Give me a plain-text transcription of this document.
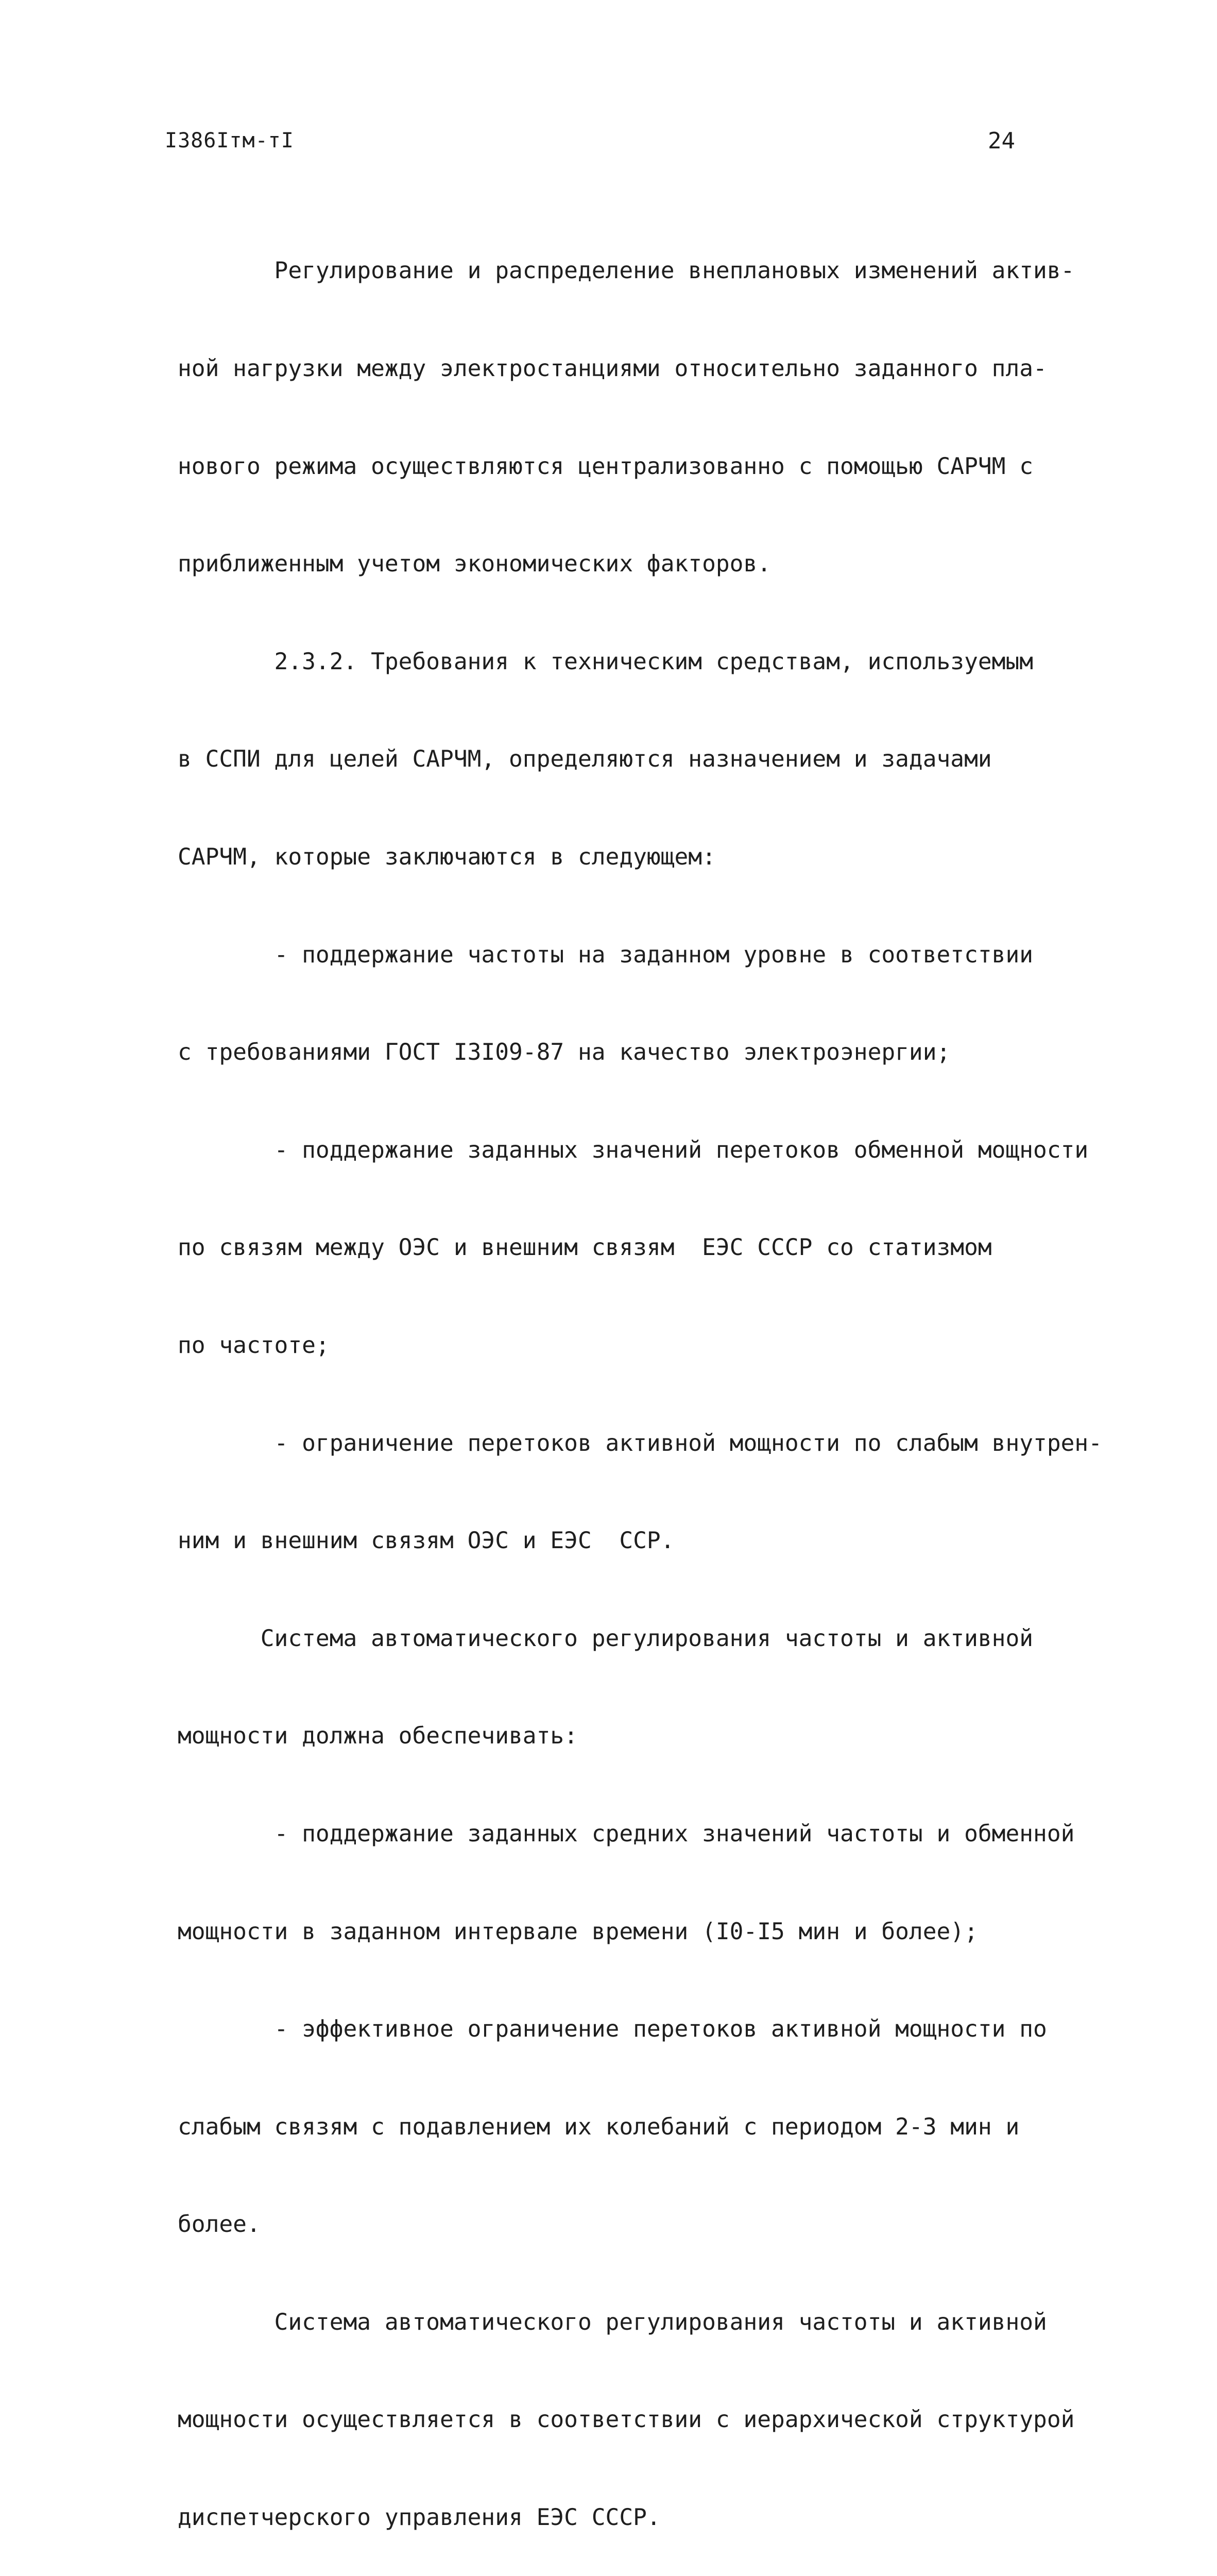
I386Iтм-тI	24

Регулирование и распределение внеплановых изменений актив-

ной нагрузки между электростанциями относительно заданного пла-

нового режима осуществляются централизованно с помощью САРЧМ с

приближенным учетом экономических факторов.

2.3.2. Требования к техническим средствам, используемым

в ССПИ для целей САРЧМ, определяются назначением и задачами

САРЧМ, которые заключаются в следующем:

- поддержание частоты на заданном уровне в соответствии

с требованиями ГОСТ I3I09-87 на качество электроэнергии;

- поддержание заданных значений перетоков обменной мощности

по связям между ОЭС и внешним связям  ЕЭС СССР со статизмом

по частоте;

- ограничение перетоков активной мощности по слабым внутрен-

ним и внешним связям ОЭС и ЕЭС  ССР.

Система автоматического регулирования частоты и активной

мощности должна обеспечивать:

- поддержание заданных средних значений частоты и обменной

мощности в заданном интервале времени (I0-I5 мин и более);

- эффективное ограничение перетоков активной мощности по

слабым связям с подавлением их колебаний с периодом 2-3 мин и

более.

Система автоматического регулирования частоты и активной

мощности осуществляется в соответствии с иерархической структурой

диспетчерского управления ЕЭС СССР.
